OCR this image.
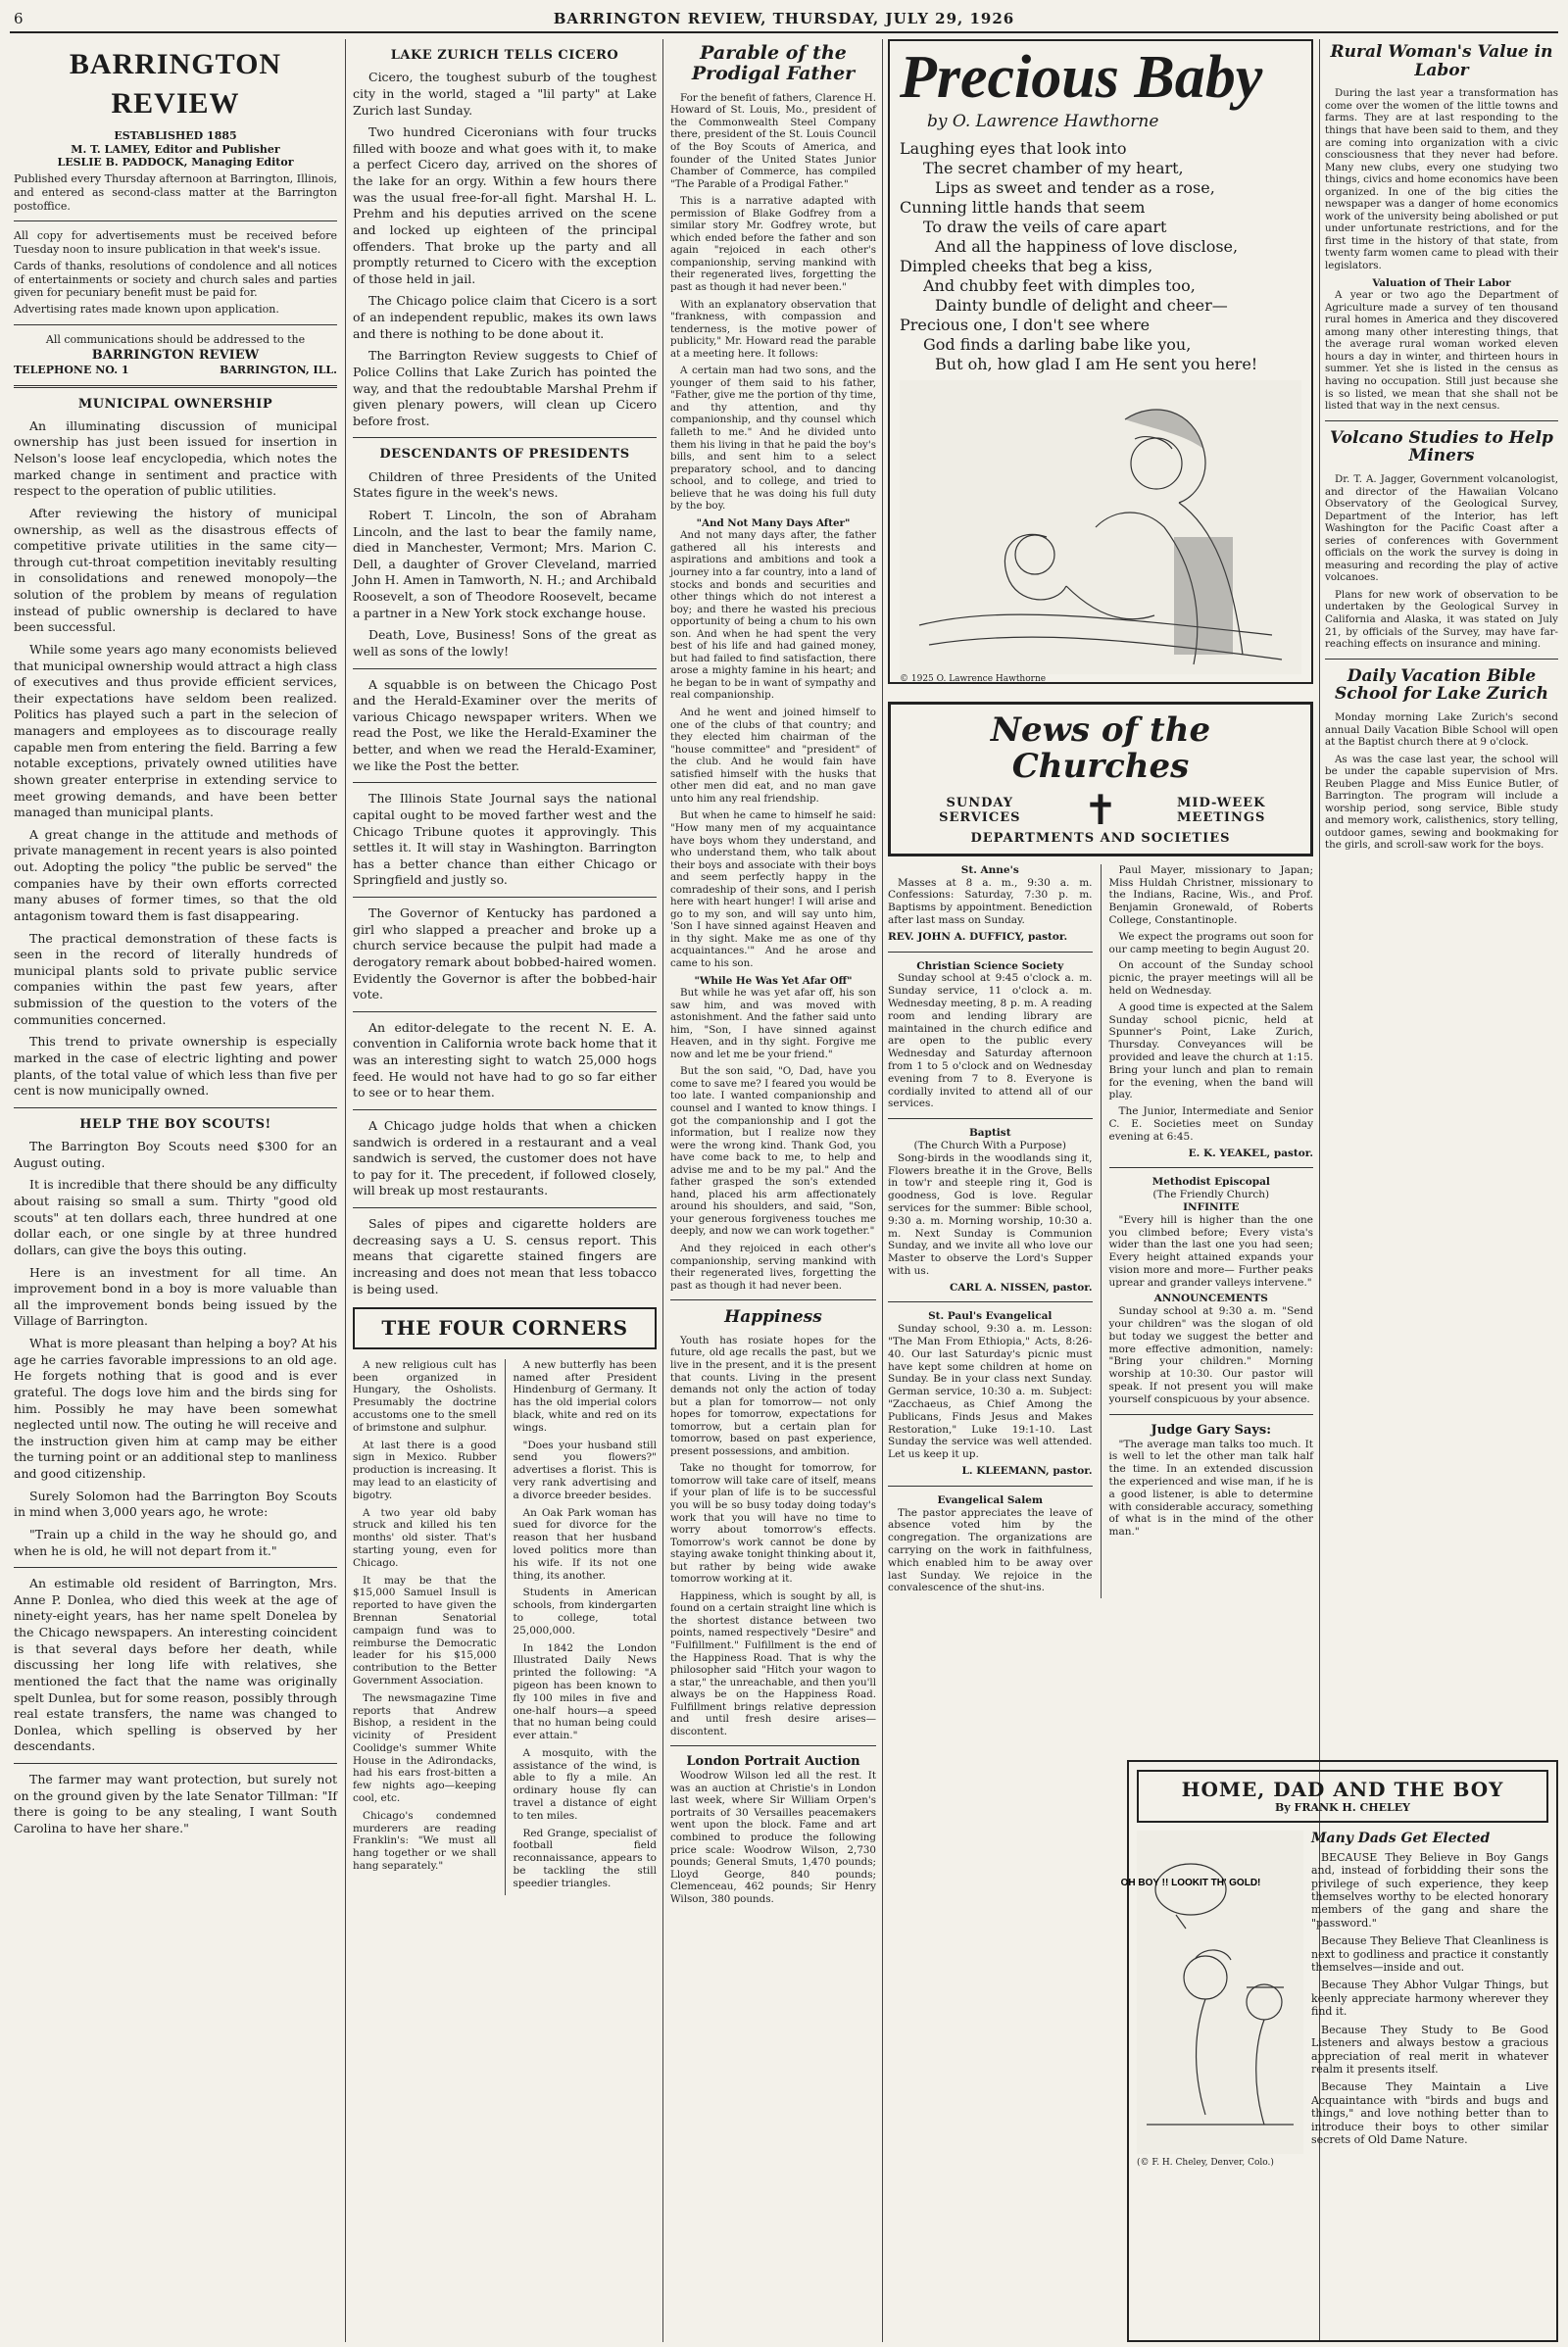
6	BARRINGTON REVIEW, THURSDAY, JULY 29, 1926
BARRINGTON REVIEW
ESTABLISHED 1885
M. T. LAMEY, Editor and Publisher
LESLIE B. PADDOCK, Managing Editor
Published every Thursday afternoon at Barrington, Illinois, and entered as second-class matter at the Barrington postoffice.
All copy for advertisements must be received before Tuesday noon to insure publication in that week's issue.
Cards of thanks, resolutions of condolence and all notices of entertainments or society and church sales and parties given for pecuniary benefit must be paid for.
Advertising rates made known upon application.
All communications should be addressed to the
BARRINGTON REVIEW
TELEPHONE NO. 1	BARRINGTON, ILL.
MUNICIPAL OWNERSHIP

An illuminating discussion of municipal ownership has just been issued for insertion in Nelson's loose leaf encyclopedia, which notes the marked change in sentiment and practice with respect to the operation of public utilities.

After reviewing the history of municipal ownership, as well as the disastrous effects of competitive private utilities in the same city— through cut-throat competition inevitably resulting in consolidations and renewed monopoly—the solution of the problem by means of regulation instead of public ownership is declared to have been successful.

While some years ago many economists believed that municipal ownership would attract a high class of executives and thus provide efficient services, their expectations have seldom been realized. Politics has played such a part in the selecion of managers and employees as to discourage really capable men from entering the field. Barring a few notable exceptions, privately owned utilities have shown greater enterprise in extending service to meet growing demands, and have been better managed than municipal plants.

A great change in the attitude and methods of private management in recent years is also pointed out. Adopting the policy "the public be served" the companies have by their own efforts corrected many abuses of former times, so that the old antagonism toward them is fast disappearing.

The practical demonstration of these facts is seen in the record of literally hundreds of municipal plants sold to private public service companies within the past few years, after submission of the question to the voters of the communities concerned.

This trend to private ownership is especially marked in the case of electric lighting and power plants, of the total value of which less than five per cent is now municipally owned.

HELP THE BOY SCOUTS!

The Barrington Boy Scouts need $300 for an August outing.

It is incredible that there should be any difficulty about raising so small a sum. Thirty "good old scouts" at ten dollars each, three hundred at one dollar each, or one single by at three hundred dollars, can give the boys this outing.

Here is an investment for all time. An improvement bond in a boy is more valuable than all the improvement bonds being issued by the Village of Barrington.

What is more pleasant than helping a boy? At his age he carries favorable impressions to an old age. He forgets nothing that is good and is ever grateful. The dogs love him and the birds sing for him. Possibly he may have been somewhat neglected until now. The outing he will receive and the instruction given him at camp may be either the turning point or an additional step to manliness and good citizenship.

Surely Solomon had the Barrington Boy Scouts in mind when 3,000 years ago, he wrote:

"Train up a child in the way he should go, and when he is old, he will not depart from it."

An estimable old resident of Barrington, Mrs. Anne P. Donlea, who died this week at the age of ninety-eight years, has her name spelt Donelea by the Chicago newspapers. An interesting coincident is that several days before her death, while discussing her long life with relatives, she mentioned the fact that the name was originally spelt Dunlea, but for some reason, possibly through real estate transfers, the name was changed to Donlea, which spelling is observed by her descendants.

The farmer may want protection, but surely not on the ground given by the late Senator Tillman: "If there is going to be any stealing, I want South Carolina to have her share."

LAKE ZURICH TELLS CICERO

Cicero, the toughest suburb of the toughest city in the world, staged a "lil party" at Lake Zurich last Sunday.

Two hundred Ciceronians with four trucks filled with booze and what goes with it, to make a perfect Cicero day, arrived on the shores of the lake for an orgy. Within a few hours there was the usual free-for-all fight. Marshal H. L. Prehm and his deputies arrived on the scene and locked up eighteen of the principal offenders. That broke up the party and all promptly returned to Cicero with the exception of those held in jail.

The Chicago police claim that Cicero is a sort of an independent republic, makes its own laws and there is nothing to be done about it.

The Barrington Review suggests to Chief of Police Collins that Lake Zurich has pointed the way, and that the redoubtable Marshal Prehm if given plenary powers, will clean up Cicero before frost.

DESCENDANTS OF PRESIDENTS

Children of three Presidents of the United States figure in the week's news.

Robert T. Lincoln, the son of Abraham Lincoln, and the last to bear the family name, died in Manchester, Vermont; Mrs. Marion C. Dell, a daughter of Grover Cleveland, married John H. Amen in Tamworth, N. H.; and Archibald Roosevelt, a son of Theodore Roosevelt, became a partner in a New York stock exchange house.

Death, Love, Business! Sons of the great as well as sons of the lowly!

A squabble is on between the Chicago Post and the Herald-Examiner over the merits of various Chicago newspaper writers. When we read the Post, we like the Herald-Examiner the better, and when we read the Herald-Examiner, we like the Post the better.

The Illinois State Journal says the national capital ought to be moved farther west and the Chicago Tribune quotes it approvingly. This settles it. It will stay in Washington. Barrington has a better chance than either Chicago or Springfield and justly so.

The Governor of Kentucky has pardoned a girl who slapped a preacher and broke up a church service because the pulpit had made a derogatory remark about bobbed-haired women. Evidently the Governor is after the bobbed-hair vote.

An editor-delegate to the recent N. E. A. convention in California wrote back home that it was an interesting sight to watch 25,000 hogs feed. He would not have had to go so far either to see or to hear them.

A Chicago judge holds that when a chicken sandwich is ordered in a restaurant and a veal sandwich is served, the customer does not have to pay for it. The precedent, if followed closely, will break up most restaurants.

Sales of pipes and cigarette holders are decreasing says a U. S. census report. This means that cigarette stained fingers are increasing and does not mean that less tobacco is being used.

THE FOUR CORNERS

A new religious cult has been organized in Hungary, the Osholists. Presumably the doctrine accustoms one to the smell of brimstone and sulphur.

At last there is a good sign in Mexico. Rubber production is increasing. It may lead to an elasticity of bigotry.

A two year old baby struck and killed his ten months' old sister. That's starting young, even for Chicago.

It may be that the $15,000 Samuel Insull is reported to have given the Brennan Senatorial campaign fund was to reimburse the Democratic leader for his $15,000 contribution to the Better Government Association.

The newsmagazine Time reports that Andrew Bishop, a resident in the vicinity of President Coolidge's summer White House in the Adirondacks, had his ears frost-bitten a few nights ago—keeping cool, etc.

Chicago's condemned murderers are reading Franklin's: "We must all hang together or we shall hang separately."

A new butterfly has been named after President Hindenburg of Germany. It has the old imperial colors black, white and red on its wings.

"Does your husband still send you flowers?" advertises a florist. This is very rank advertising and a divorce breeder besides.

An Oak Park woman has sued for divorce for the reason that her husband loved politics more than his wife. If its not one thing, its another.

Students in American schools, from kindergarten to college, total 25,000,000.

In 1842 the London Illustrated Daily News printed the following: "A pigeon has been known to fly 100 miles in five and one-half hours—a speed that no human being could ever attain."

A mosquito, with the assistance of the wind, is able to fly a mile. An ordinary house fly can travel a distance of eight to ten miles.

Red Grange, specialist of football field reconnaissance, appears to be tackling the still speedier triangles.

Parable of the Prodigal Father

For the benefit of fathers, Clarence H. Howard of St. Louis, Mo., president of the Commonwealth Steel Company there, president of the St. Louis Council of the Boy Scouts of America, and founder of the United States Junior Chamber of Commerce, has compiled "The Parable of a Prodigal Father."

This is a narrative adapted with permission of Blake Godfrey from a similar story Mr. Godfrey wrote, but which ended before the father and son again "rejoiced in each other's companionship, serving mankind with their regenerated lives, forgetting the past as though it had never been."

With an explanatory observation that "frankness, with compassion and tenderness, is the motive power of publicity," Mr. Howard read the parable at a meeting here. It follows:

A certain man had two sons, and the younger of them said to his father, "Father, give me the portion of thy time, and thy attention, and thy companionship, and thy counsel which falleth to me." And he divided unto them his living in that he paid the boy's bills, and sent him to a select preparatory school, and to dancing school, and to college, and tried to believe that he was doing his full duty by the boy.

"And Not Many Days After"

And not many days after, the father gathered all his interests and aspirations and ambitions and took a journey into a far country, into a land of stocks and bonds and securities and other things which do not interest a boy; and there he wasted his precious opportunity of being a chum to his own son. And when he had spent the very best of his life and had gained money, but had failed to find satisfaction, there arose a mighty famine in his heart; and he began to be in want of sympathy and real companionship.

And he went and joined himself to one of the clubs of that country; and they elected him chairman of the "house committee" and "president" of the club. And he would fain have satisfied himself with the husks that other men did eat, and no man gave unto him any real friendship.

But when he came to himself he said: "How many men of my acquaintance have boys whom they understand, and who understand them, who talk about their boys and associate with their boys and seem perfectly happy in the comradeship of their sons, and I perish here with heart hunger! I will arise and go to my son, and will say unto him, 'Son I have sinned against Heaven and in thy sight. Make me as one of thy acquaintances.'" And he arose and came to his son.

"While He Was Yet Afar Off"

But while he was yet afar off, his son saw him, and was moved with astonishment. And the father said unto him, "Son, I have sinned against Heaven, and in thy sight. Forgive me now and let me be your friend."

But the son said, "O, Dad, have you come to save me? I feared you would be too late. I wanted companionship and counsel and I wanted to know things. I got the companionship and I got the information, but I realize now they were the wrong kind. Thank God, you have come back to me, to help and advise me and to be my pal." And the father grasped the son's extended hand, placed his arm affectionately around his shoulders, and said, "Son, your generous forgiveness touches me deeply, and now we can work together."

And they rejoiced in each other's companionship, serving mankind with their regenerated lives, forgetting the past as though it had never been.

Happiness

Youth has rosiate hopes for the future, old age recalls the past, but we live in the present, and it is the present that counts. Living in the present demands not only the action of today but a plan for tomorrow— not only hopes for tomorrow, expectations for tomorrow, but a certain plan for tomorrow, based on past experience, present possessions, and ambition.

Take no thought for tomorrow, for tomorrow will take care of itself, means if your plan of life is to be successful you will be so busy today doing today's work that you will have no time to worry about tomorrow's effects. Tomorrow's work cannot be done by staying awake tonight thinking about it, but rather by being wide awake tomorrow working at it.

Happiness, which is sought by all, is found on a certain straight line which is the shortest distance between two points, named respectively "Desire" and "Fulfillment." Fulfillment is the end of the Happiness Road. That is why the philosopher said "Hitch your wagon to a star," the unreachable, and then you'll always be on the Happiness Road. Fulfillment brings relative depression and until fresh desire arises—discontent.

London Portrait Auction

Woodrow Wilson led all the rest. It was an auction at Christie's in London last week, where Sir William Orpen's portraits of 30 Versailles peacemakers went upon the block. Fame and art combined to produce the following price scale: Woodrow Wilson, 2,730 pounds; General Smuts, 1,470 pounds; Lloyd George, 840 pounds; Clemenceau, 462 pounds; Sir Henry Wilson, 380 pounds.

Precious Baby
by O. Lawrence Hawthorne
Laughing eyes that look into
The secret chamber of my heart,
Lips as sweet and tender as a rose,
Cunning little hands that seem
To draw the veils of care apart
And all the happiness of love disclose,
Dimpled cheeks that beg a kiss,
And chubby feet with dimples too,
Dainty bundle of delight and cheer—
Precious one, I don't see where
God finds a darling babe like you,
But oh, how glad I am He sent you here!
© 1925 O. Lawrence Hawthorne
News of the Churches
SUNDAY SERVICES	✝	MID-WEEK MEETINGS
DEPARTMENTS AND SOCIETIES
St. Anne's

Masses at 8 a. m., 9:30 a. m. Confessions: Saturday, 7:30 p. m. Baptisms by appointment. Benediction after last mass on Sunday.

REV. JOHN A. DUFFICY, pastor.
Christian Science Society

Sunday school at 9:45 o'clock a. m. Sunday service, 11 o'clock a. m. Wednesday meeting, 8 p. m. A reading room and lending library are maintained in the church edifice and are open to the public every Wednesday and Saturday afternoon from 1 to 5 o'clock and on Wednesday evening from 7 to 8. Everyone is cordially invited to attend all of our services.

Baptist
(The Church With a Purpose)

Song-birds in the woodlands sing it, Flowers breathe it in the Grove, Bells in tow'r and steeple ring it, God is goodness, God is love. Regular services for the summer: Bible school, 9:30 a. m. Morning worship, 10:30 a. m. Next Sunday is Communion Sunday, and we invite all who love our Master to observe the Lord's Supper with us.

CARL A. NISSEN, pastor.
St. Paul's Evangelical

Sunday school, 9:30 a. m. Lesson: "The Man From Ethiopia," Acts, 8:26-40. Our last Saturday's picnic must have kept some children at home on Sunday. Be in your class next Sunday. German service, 10:30 a. m. Subject: "Zacchaeus, as Chief Among the Publicans, Finds Jesus and Makes Restoration," Luke 19:1-10. Last Sunday the service was well attended. Let us keep it up.

L. KLEEMANN, pastor.
Evangelical Salem

The pastor appreciates the leave of absence voted him by the congregation. The organizations are carrying on the work in faithfulness, which enabled him to be away over last Sunday. We rejoice in the convalescence of the shut-ins.

Paul Mayer, missionary to Japan; Miss Huldah Christner, missionary to the Indians, Racine, Wis., and Prof. Benjamin Gronewald, of Roberts College, Constantinople.

We expect the programs out soon for our camp meeting to begin August 20.

On account of the Sunday school picnic, the prayer meetings will all be held on Wednesday.

A good time is expected at the Salem Sunday school picnic, held at Spunner's Point, Lake Zurich, Thursday. Conveyances will be provided and leave the church at 1:15. Bring your lunch and plan to remain for the evening, when the band will play.

The Junior, Intermediate and Senior C. E. Societies meet on Sunday evening at 6:45.

E. K. YEAKEL, pastor.
Methodist Episcopal
(The Friendly Church)
INFINITE

"Every hill is higher than the one you climbed before; Every vista's wider than the last one you had seen; Every height attained expands your vision more and more— Further peaks uprear and grander valleys intervene."

ANNOUNCEMENTS

Sunday school at 9:30 a. m. "Send your children" was the slogan of old but today we suggest the better and more effective admonition, namely: "Bring your children." Morning worship at 10:30. Our pastor will speak. If not present you will make yourself conspicuous by your absence.

Judge Gary Says:

"The average man talks too much. It is well to let the other man talk half the time. In an extended discussion the experienced and wise man, if he is a good listener, is able to determine with considerable accuracy, something of what is in the mind of the other man."

HOME, DAD AND THE BOY
By FRANK H. CHELEY
OH BOY !! LOOKIT TH' GOLD!
(© F. H. Cheley, Denver, Colo.)
Many Dads Get Elected

BECAUSE They Believe in Boy Gangs and, instead of forbidding their sons the privilege of such experience, they keep themselves worthy to be elected honorary members of the gang and share the "password."

Because They Believe That Cleanliness is next to godliness and practice it constantly themselves—inside and out.

Because They Abhor Vulgar Things, but keenly appreciate harmony wherever they find it.

Because They Study to Be Good Listeners and always bestow a gracious appreciation of real merit in whatever realm it presents itself.

Because They Maintain a Live Acquaintance with "birds and bugs and things," and love nothing better than to introduce their boys to other similar secrets of Old Dame Nature.

Rural Woman's Value in Labor

During the last year a transformation has come over the women of the little towns and farms. They are at last responding to the things that have been said to them, and they are coming into organization with a civic consciousness that they never had before. Many new clubs, every one studying two things, civics and home economics have been organized. In one of the big cities the newspaper was a danger of home economics work of the university being abolished or put under unfortunate restrictions, and for the first time in the history of that state, from twenty farm women came to plead with their legislators.

Valuation of Their Labor

A year or two ago the Department of Agriculture made a survey of ten thousand rural homes in America and they discovered among many other interesting things, that the average rural woman worked eleven hours a day in winter, and thirteen hours in summer. Yet she is listed in the census as having no occupation. Still just because she is so listed, we mean that she shall not be listed that way in the next census.

Volcano Studies to Help Miners

Dr. T. A. Jagger, Government volcanologist, and director of the Hawaiian Volcano Observatory of the Geological Survey, Department of the Interior, has left Washington for the Pacific Coast after a series of conferences with Government officials on the work the survey is doing in measuring and recording the play of active volcanoes.

Plans for new work of observation to be undertaken by the Geological Survey in California and Alaska, it was stated on July 21, by officials of the Survey, may have far-reaching effects on insurance and mining.

Daily Vacation Bible School for Lake Zurich

Monday morning Lake Zurich's second annual Daily Vacation Bible School will open at the Baptist church there at 9 o'clock.

As was the case last year, the school will be under the capable supervision of Mrs. Reuben Plagge and Miss Eunice Butler, of Barrington. The program will include a worship period, song service, Bible study and memory work, calisthenics, story telling, outdoor games, sewing and bookmaking for the girls, and scroll-saw work for the boys.
